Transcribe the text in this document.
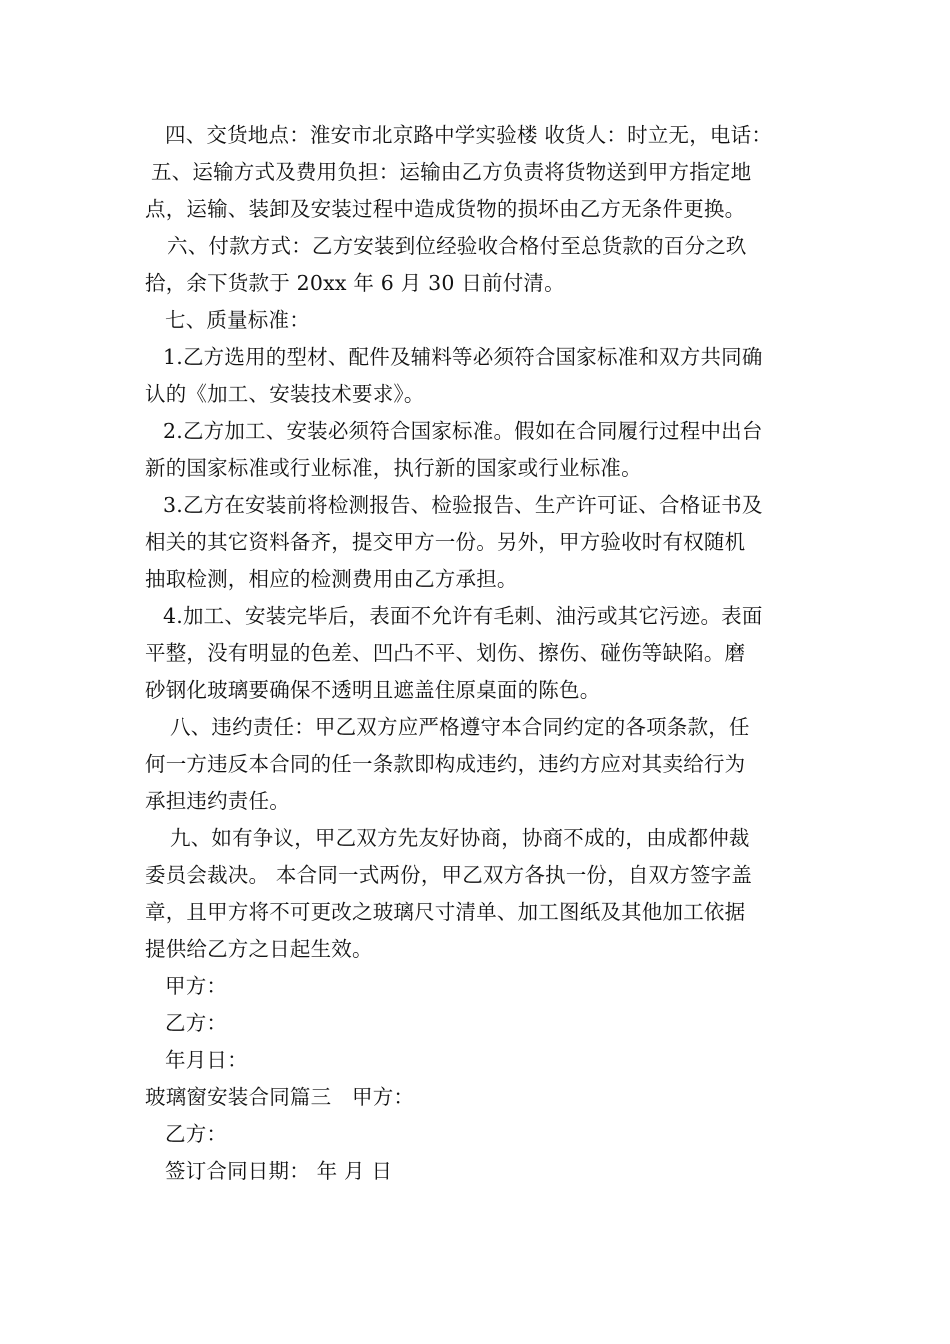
四、交货地点：淮安市北京路中学实验楼 收货人：时立无，电话：
五、运输方式及费用负担：运输由乙方负责将货物送到甲方指定地
点，运输、装卸及安装过程中造成货物的损坏由乙方无条件更换。
六、付款方式：乙方安装到位经验收合格付至总货款的百分之玖
拾，余下货款于 20xx 年 6 月 30 日前付清。
七、质量标准：
1.乙方选用的型材、配件及辅料等必须符合国家标准和双方共同确
认的《加工、安装技术要求》。
2.乙方加工、安装必须符合国家标准。假如在合同履行过程中出台
新的国家标准或行业标准，执行新的国家或行业标准。
3.乙方在安装前将检测报告、检验报告、生产许可证、合格证书及
相关的其它资料备齐，提交甲方一份。另外，甲方验收时有权随机
抽取检测，相应的检测费用由乙方承担。
4.加工、安装完毕后，表面不允许有毛刺、油污或其它污迹。表面
平整，没有明显的色差、凹凸不平、划伤、擦伤、碰伤等缺陷。磨
砂钢化玻璃要确保不透明且遮盖住原桌面的陈色。
八、违约责任：甲乙双方应严格遵守本合同约定的各项条款，任
何一方违反本合同的任一条款即构成违约，违约方应对其卖给行为
承担违约责任。
九、如有争议，甲乙双方先友好协商，协商不成的，由成都仲裁
委员会裁决。 本合同一式两份，甲乙双方各执一份，自双方签字盖
章，且甲方将不可更改之玻璃尺寸清单、加工图纸及其他加工依据
提供给乙方之日起生效。
甲方：
乙方：
年月日：
玻璃窗安装合同篇三　甲方：
乙方：
签订合同日期： 年 月 日
